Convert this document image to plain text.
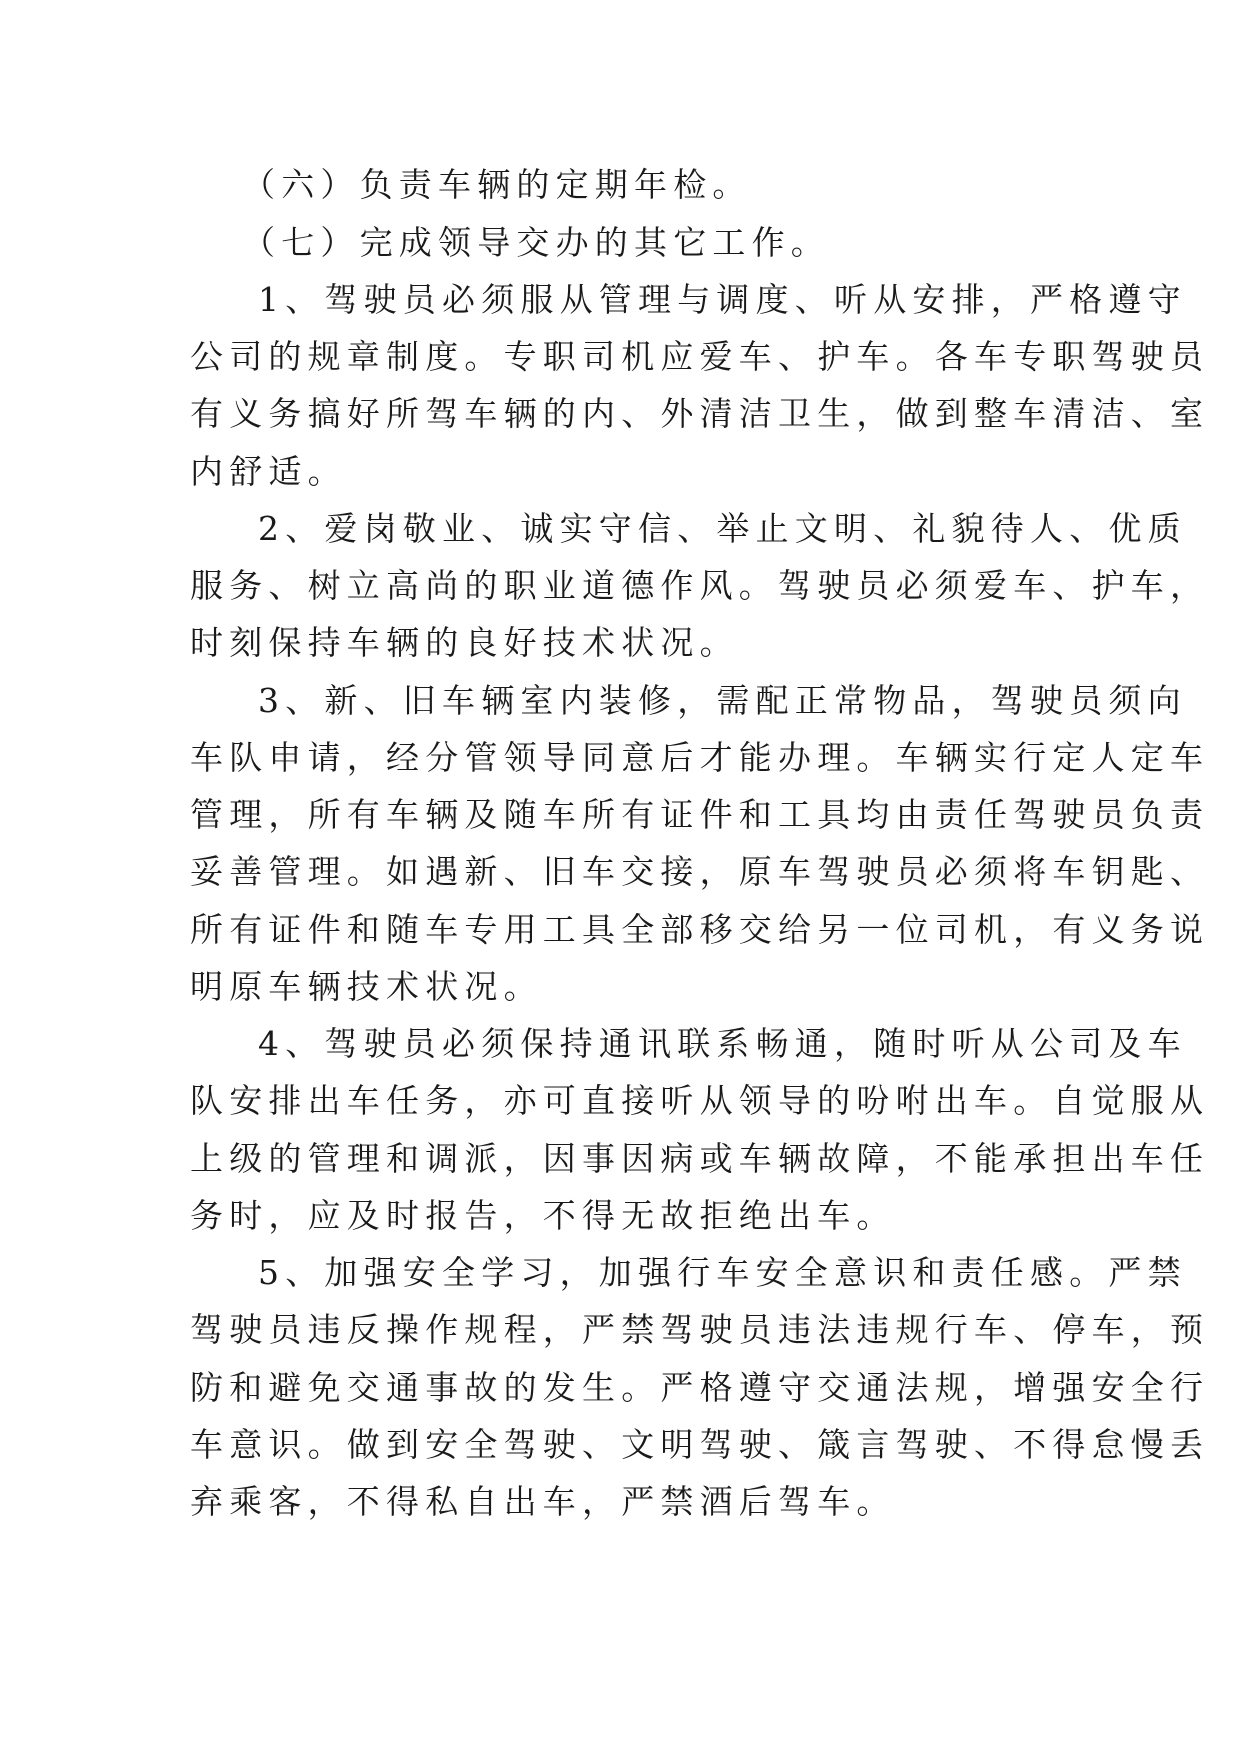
（六）负责车辆的定期年检。
（七）完成领导交办的其它工作。
1、驾驶员必须服从管理与调度、听从安排，严格遵守
公司的规章制度。专职司机应爱车、护车。各车专职驾驶员
有义务搞好所驾车辆的内、外清洁卫生，做到整车清洁、室
内舒适。
2、爱岗敬业、诚实守信、举止文明、礼貌待人、优质
服务、树立高尚的职业道德作风。驾驶员必须爱车、护车，
时刻保持车辆的良好技术状况。
3、新、旧车辆室内装修，需配正常物品，驾驶员须向
车队申请，经分管领导同意后才能办理。车辆实行定人定车
管理，所有车辆及随车所有证件和工具均由责任驾驶员负责
妥善管理。如遇新、旧车交接，原车驾驶员必须将车钥匙、
所有证件和随车专用工具全部移交给另一位司机，有义务说
明原车辆技术状况。
4、驾驶员必须保持通讯联系畅通，随时听从公司及车
队安排出车任务，亦可直接听从领导的吩咐出车。自觉服从
上级的管理和调派，因事因病或车辆故障，不能承担出车任
务时，应及时报告，不得无故拒绝出车。
5、加强安全学习，加强行车安全意识和责任感。严禁
驾驶员违反操作规程，严禁驾驶员违法违规行车、停车，预
防和避免交通事故的发生。严格遵守交通法规，增强安全行
车意识。做到安全驾驶、文明驾驶、箴言驾驶、不得怠慢丢
弃乘客，不得私自出车，严禁酒后驾车。
